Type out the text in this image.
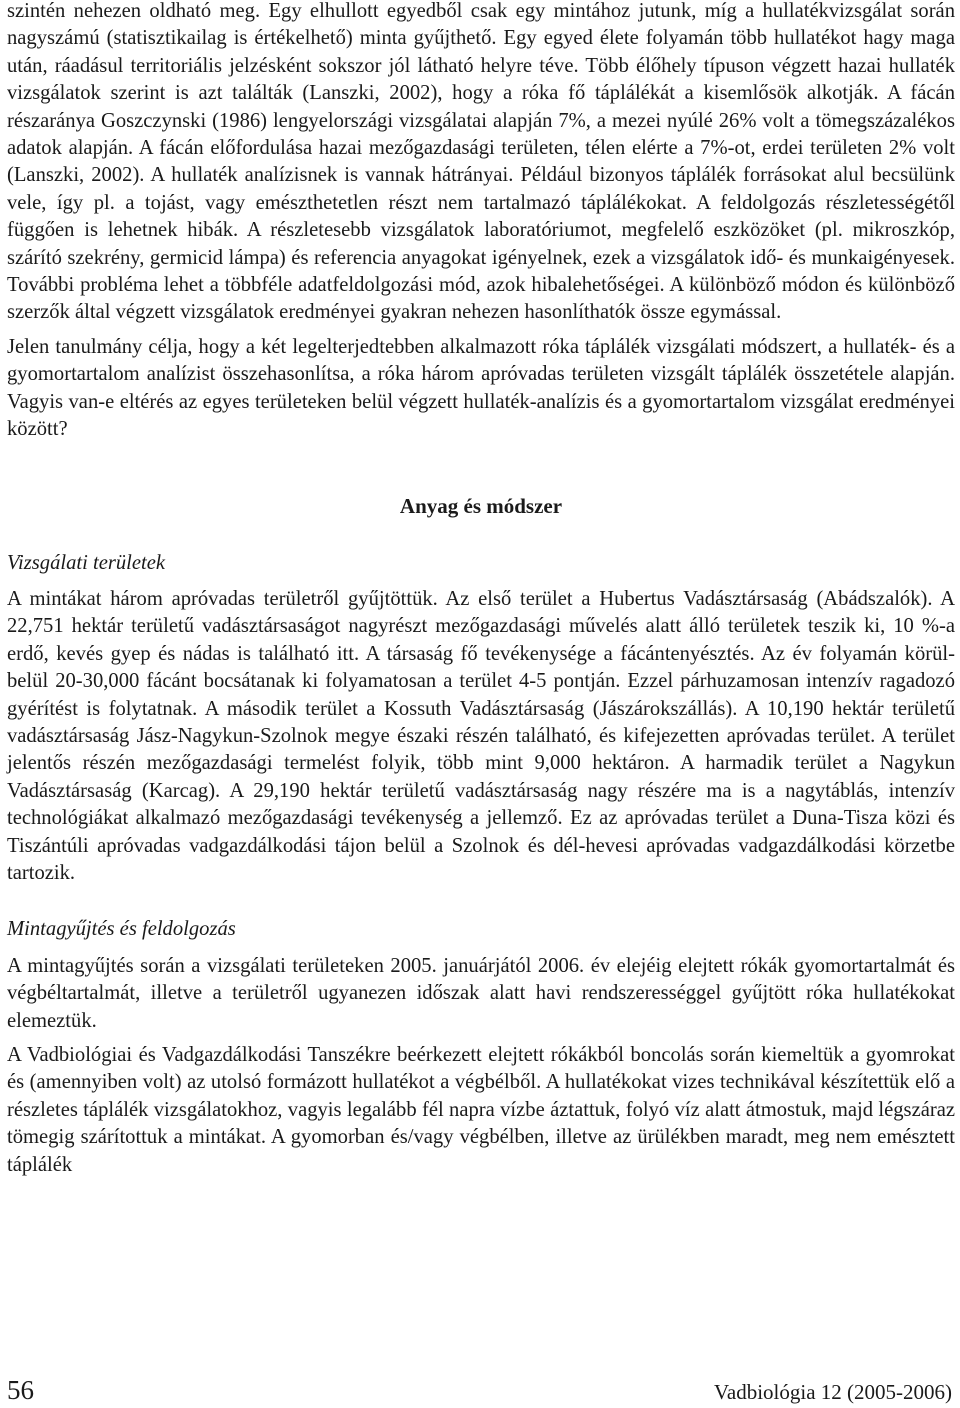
szintén nehezen oldható meg. Egy elhullott egyedből csak egy mintához jutunk, míg a hullatékvizsgálat során nagyszámú (statisztikailag is értékelhető) minta gyűjthető. Egy egyed élete folyamán több hullatékot hagy maga után, ráadásul territoriális jelzésként sokszor jól látható helyre téve. Több élőhely típuson végzett hazai hullaték vizsgálatok szerint is azt találták (Lanszki, 2002), hogy a róka fő táplálékát a kisemlősök alkotják. A fácán részaránya Goszczynski (1986) lengyelországi vizsgálatai alapján 7%, a mezei nyúlé 26% volt a tömegszázalékos adatok alapján. A fácán előfordulása hazai mezőgazdasági területen, télen elérte a 7%-ot, erdei területen 2% volt (Lanszki, 2002). A hullaték analízisnek is vannak hátrányai. Például bizonyos táplálék forrásokat alul becsülünk vele, így pl. a tojást, vagy emészthetetlen részt nem tartalmazó táplálékokat. A feldolgozás részletességétől függően is lehetnek hibák. A részletesebb vizsgálatok laboratóriumot, megfelelő eszközöket (pl. mikroszkóp, szárító szekrény, germicid lámpa) és referencia anyagokat igényelnek, ezek a vizsgálatok idő- és munkaigényesek. További probléma lehet a többféle adatfeldolgozási mód, azok hibalehetőségei. A különböző módon és különböző szerzők által végzett vizsgálatok eredményei gyakran nehezen hasonlíthatók össze egymással.

Jelen tanulmány célja, hogy a két legelterjedtebben alkalmazott róka táplálék vizsgálati módszert, a hullaték- és a gyomortartalom analízist összehasonlítsa, a róka három apróvadas területen vizsgált táplálék összetétele alapján. Vagyis van-e eltérés az egyes területeken belül végzett hullaték-analízis és a gyomortartalom vizsgálat eredményei között?

Anyag és módszer
Vizsgálati területek

A mintákat három apróvadas területről gyűjtöttük. Az első terület a Hubertus Vadásztársaság (Abádszalók). A 22,751 hektár területű vadásztársaságot nagyrészt mezőgazdasági művelés alatt álló területek teszik ki, 10 %-a erdő, kevés gyep és nádas is található itt. A társaság fő tevékenysége a fácántenyésztés. Az év folyamán körül-belül 20-30,000 fácánt bocsátanak ki folyamatosan a terület 4-5 pontján. Ezzel párhuzamosan intenzív ragadozó gyérítést is folytatnak. A második terület a Kossuth Vadásztársaság (Jászárokszállás). A 10,190 hektár területű vadásztársaság Jász-Nagykun-Szolnok megye északi részén található, és kifejezetten apróvadas terület. A terület jelentős részén mezőgazdasági termelést folyik, több mint 9,000 hektáron. A harmadik terület a Nagykun Vadásztársaság (Karcag). A 29,190 hektár területű vadásztársaság nagy részére ma is a nagytáblás, intenzív technológiákat alkalmazó mezőgazdasági tevékenység a jellemző. Ez az apróvadas terület a Duna-Tisza közi és Tiszántúli apróvadas vadgazdálkodási tájon belül a Szolnok és dél-hevesi apróvadas vadgazdálkodási körzetbe tartozik.

Mintagyűjtés és feldolgozás

A mintagyűjtés során a vizsgálati területeken 2005. januárjától 2006. év elejéig elejtett rókák gyomortartalmát és végbéltartalmát, illetve a területről ugyanezen időszak alatt havi rendszerességgel gyűjtött róka hullatékokat elemeztük.

A Vadbiológiai és Vadgazdálkodási Tanszékre beérkezett elejtett rókákból boncolás során kiemeltük a gyomrokat és (amennyiben volt) az utolsó formázott hullatékot a végbélből. A hullatékokat vizes technikával készítettük elő a részletes táplálék vizsgálatokhoz, vagyis legalább fél napra vízbe áztattuk, folyó víz alatt átmostuk, majd légszáraz tömegig szárítottuk a mintákat. A gyomorban és/vagy végbélben, illetve az ürülékben maradt, meg nem emésztett táplálék

56	Vadbiológia 12 (2005-2006)
